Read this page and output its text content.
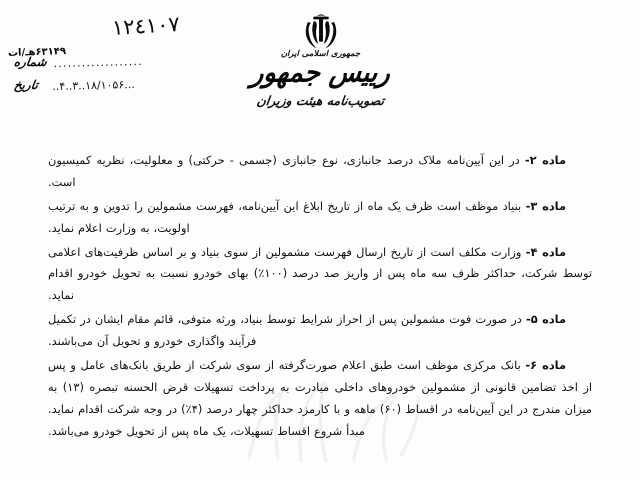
١٢٤١٠٧
۶۳۱۴۹هـ/ات
شماره ...................
تاریخ	..۴..۳..۱۸/۱۰۵۶...
جمهوری اسلامی ایران
رییس جمهور
تصویب‌نامه هیئت وزیران

ماده ۲- در این آیین‌نامه ملاک درصد جانبازی، نوع جانبازی (جسمی - حرکتی) و معلولیت، نظریه کمیسیون است.

ماده ۳- بنیاد موظف است ظرف یک ماه از تاریخ ابلاغ این آیین‌نامه، فهرست مشمولین را تدوین و به ترتیب اولویت، به وزارت اعلام نماید.

ماده ۴- وزارت مکلف است از تاریخ ارسال فهرست مشمولین از سوی بنیاد و بر اساس ظرفیت‌های اعلامی توسط شرکت، حداکثر ظرف سه ماه پس از واریز صد درصد (۱۰۰٪) بهای خودرو نسبت به تحویل خودرو اقدام نماید.

ماده ۵- در صورت فوت مشمولین پس از احراز شرایط توسط بنیاد، ورثه متوفی، قائم مقام ایشان در تکمیل فرآیند واگذاری خودرو و تحویل آن می‌باشند.

ماده ۶- بانک مرکزی موظف است طبق اعلام صورت‌گرفته از سوی شرکت از طریق بانک‌های عامل و پس از اخذ تضامین قانونی از مشمولین خودروهای داخلی مبادرت به پرداخت تسهیلات قرض الحسنه تبصره (۱۳) به میزان مندرج در این آیین‌نامه در اقساط (۶۰) ماهه و با کارمزد حداکثر چهار درصد (۴٪) در وجه شرکت اقدام نماید. مبدأ شروع اقساط تسهیلات، یک ماه پس از تحویل خودرو می‌باشد.
